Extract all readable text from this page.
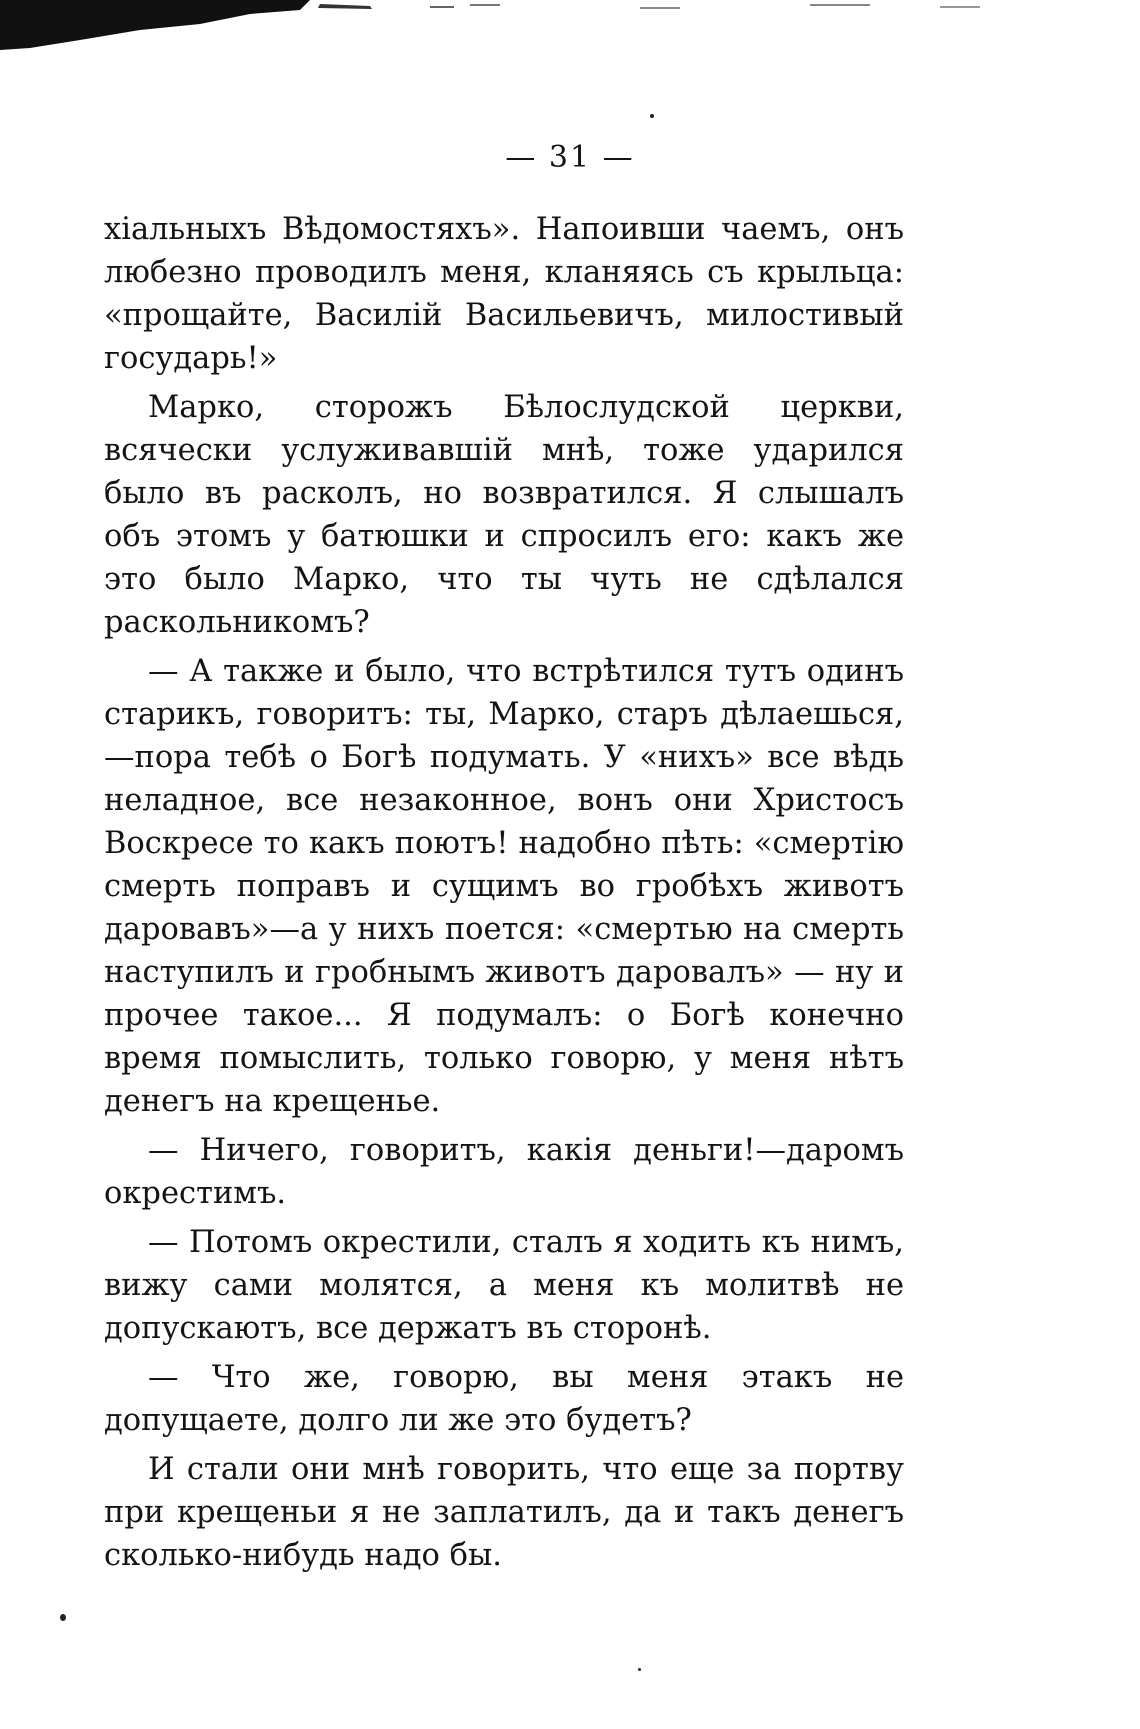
— 31 —

хіальныхъ Вѣдомостяхъ». Напоивши чаемъ, онъ любезно проводилъ меня, кланяясь съ крыльца: «прощайте, Василій Васильевичъ, милостивый государь!»

Марко, сторожъ Бѣлослудской церкви, всячески услуживавшій мнѣ, тоже ударился было въ расколъ, но возвратился. Я слышалъ объ этомъ у батюшки и спросилъ его: какъ же это было Марко, что ты чуть не сдѣлался раскольникомъ?

— А также и было, что встрѣтился тутъ одинъ старикъ, говоритъ: ты, Марко, старъ дѣлаешься,—пора тебѣ о Богѣ подумать. У «нихъ» все вѣдь неладное, все незаконное, вонъ они Христосъ Воскресе то какъ поютъ! надобно пѣть: «смертію смерть поправъ и сущимъ во гробѣхъ животъ даровавъ»—а у нихъ поется: «смертью на смерть наступилъ и гробнымъ животъ даровалъ» — ну и прочее такое... Я подумалъ: о Богѣ конечно время помыслить, только говорю, у меня нѣтъ денегъ на крещенье.

— Ничего, говоритъ, какія деньги!—даромъ окрестимъ.

— Потомъ окрестили, сталъ я ходить къ нимъ, вижу сами молятся, а меня къ молитвѣ не допускаютъ, все держатъ въ сторонѣ.

— Что же, говорю, вы меня этакъ не допущаете, долго ли же это будетъ?

И стали они мнѣ говорить, что еще за портву при крещеньи я не заплатилъ, да и такъ денегъ сколько-нибудь надо бы.
